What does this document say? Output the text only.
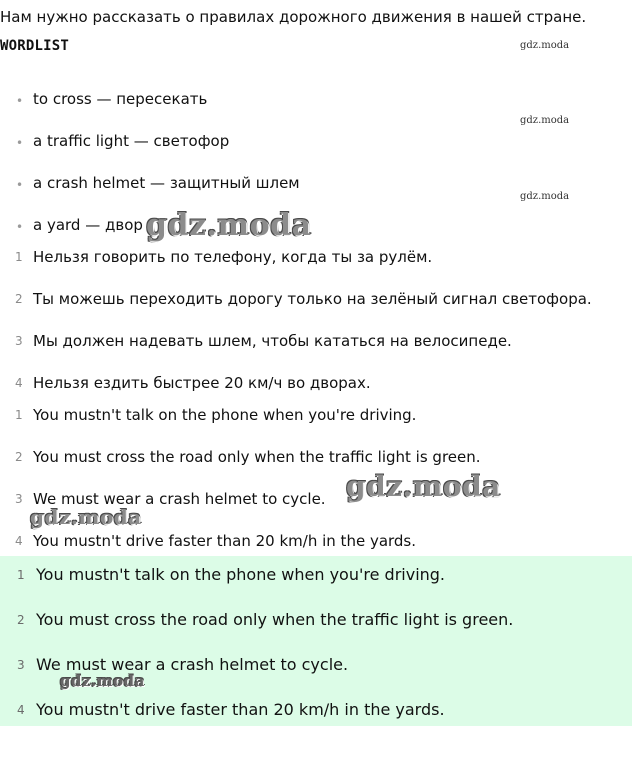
Нам нужно рассказать о правилах дорожного движения в нашей стране.
WORDLIST
• to cross — пересекать
• a traffic light — светофор
• a crash helmet — защитный шлем
• a yard — двор
1 Нельзя говорить по телефону, когда ты за рулём.
2 Ты можешь переходить дорогу только на зелёный сигнал светофора.
3 Мы должен надевать шлем, чтобы кататься на велосипеде.
4 Нельзя ездить быстрее 20 км/ч во дворах.
1 You mustn't talk on the phone when you're driving.
2 You must cross the road only when the traffic light is green.
3 We must wear a crash helmet to cycle.
4 You mustn't drive faster than 20 km/h in the yards.
1 You mustn't talk on the phone when you're driving.
2 You must cross the road only when the traffic light is green.
3 We must wear a crash helmet to cycle.
4 You mustn't drive faster than 20 km/h in the yards.
gdz.moda
gdz.moda
gdz.moda
gdz.moda
gdz.moda
gdz.moda
gdz.moda
